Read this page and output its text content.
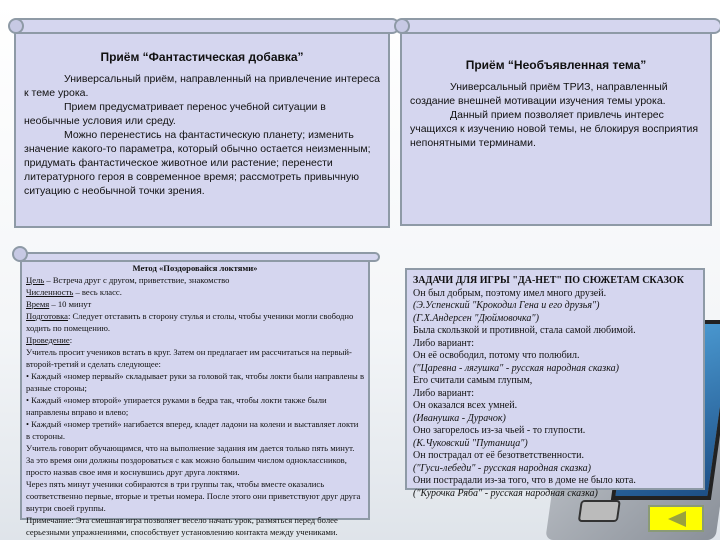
Приём “Фантастическая добавка”

Универсальный приём, направленный на привлечение интереса к теме урока.

Прием предусматривает перенос учебной ситуации в необычные условия или среду.

Можно перенестись на фантастическую планету; изменить значение какого-то параметра, который обычно остается неизменным; придумать фантастическое животное или растение; перенести литературного героя в современное время; рассмотреть привычную ситуацию с необычной точки зрения.

Приём “Необъявленная тема”

Универсальный приём ТРИЗ, направленный создание внешней мотивации изучения темы урока.

Данный прием позволяет привлечь интерес учащихся к изучению новой темы, не блокируя восприятия непонятными терминами.

Метод «Поздоровайся локтями»
Цель – Встреча друг с другом, приветствие, знакомство
Численность – весь класс.
Время – 10 минут
Подготовка: Следует отставить в сторону стулья и столы, чтобы ученики могли свободно ходить по помещению.
Проведение:
Учитель просит учеников встать в круг. Затем он предлагает им рассчитаться на первый-второй-третий и сделать следующее:
• Каждый «номер первый» складывает руки за головой так, чтобы локти были направлены в разные стороны;
• Каждый «номер второй» упирается руками в бедра так, чтобы локти также были направлены вправо и влево;
• Каждый «номер третий» нагибается вперед, кладет ладони на колени и выставляет локти в стороны.
Учитель говорит обучающимся, что на выполнение задания им дается только пять минут. За это время они должны поздороваться с как можно большим числом одноклассников, просто назвав свое имя и коснувшись друг друга локтями.
Через пять минут ученики собираются в три группы так, чтобы вместе оказались соответственно первые, вторые и третьи номера. После этого они приветствуют друг друга внутри своей группы.
Примечание: Эта смешная игра позволяет весело начать урок, размяться перед более серьезными упражнениями, способствует установлению контакта между учениками.
ЗАДАЧИ ДЛЯ ИГРЫ "ДА-НЕТ" ПО СЮЖЕТАМ СКАЗОК
Он был добрым, поэтому имел много друзей.
(Э.Успенский "Крокодил Гена и его друзья")
(Г.Х.Андерсен "Дюймовочка")
Была скользкой и противной, стала самой любимой.
Либо вариант:
Он её освободил, потому что полюбил.
("Царевна - лягушка" - русская народная сказка)
Его считали самым глупым,
Либо вариант:
Он оказался всех умней.
(Иванушка - Дурачок)
Оно загорелось из-за чьей - то глупости.
(К.Чуковский "Путаница")
Он пострадал от её безответственности.
("Гуси-лебеди" - русская народная сказка)
Они пострадали из-за того, что в доме не было кота.
("Курочка Ряба" - русская народная сказка)
